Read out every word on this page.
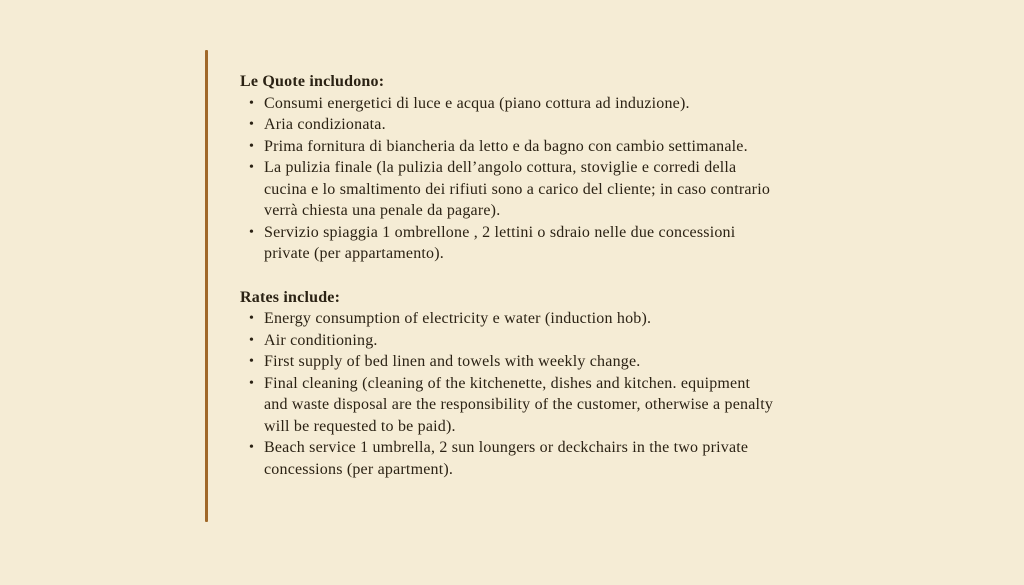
Le Quote includono:
• Consumi energetici di luce e acqua (piano cottura ad induzione).
• Aria condizionata.
• Prima fornitura di biancheria da letto e da bagno con cambio settimanale.
• La pulizia finale (la pulizia dell’angolo cottura, stoviglie e corredi della cucina e lo smaltimento dei rifiuti sono a carico del cliente; in caso contrario verrà chiesta una penale da pagare).
• Servizio spiaggia 1 ombrellone , 2 lettini o sdraio nelle due concessioni private (per appartamento).
Rates include:
• Energy consumption of electricity e water (induction hob).
• Air conditioning.
• First supply of bed linen and towels with weekly change.
• Final cleaning (cleaning of the kitchenette, dishes and kitchen. equipment and waste disposal are the responsibility of the customer, otherwise a penalty will be requested to be paid).
• Beach service 1 umbrella, 2 sun loungers or deckchairs in the two private concessions (per apartment).
